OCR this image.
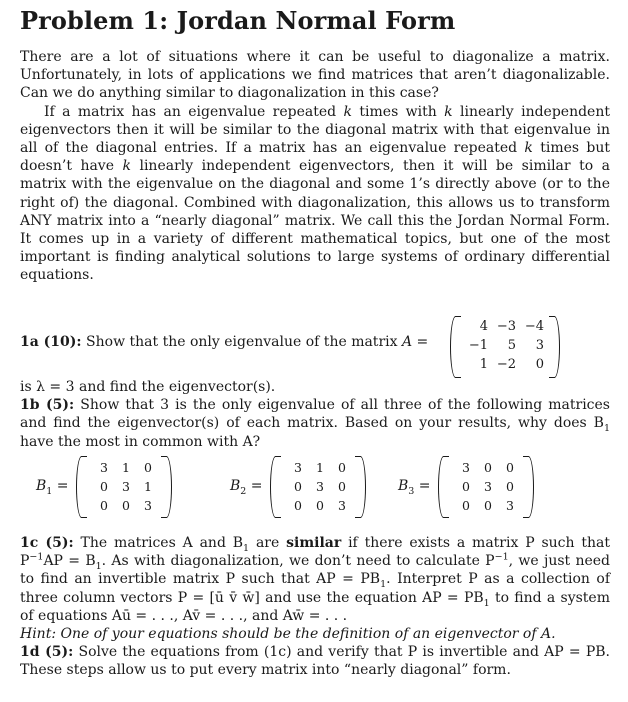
Problem 1: Jordan Normal Form

There are a lot of situations where it can be useful to diagonalize a matrix. Unfortunately, in lots of applications we find matrices that aren’t diagonalizable. Can we do anything similar to diagonalization in this case?

If a matrix has an eigenvalue repeated k times with k linearly independent eigenvectors then it will be similar to the diagonal matrix with that eigenvalue in all of the diagonal entries. If a matrix has an eigenvalue repeated k times but doesn’t have k linearly independent eigenvectors, then it will be similar to a matrix with the eigenvalue on the diagonal and some 1’s directly above (or to the right of) the diagonal. Combined with diagonalization, this allows us to transform ANY matrix into a “nearly diagonal” matrix. We call this the Jordan Normal Form. It comes up in a variety of different mathematical topics, but one of the most important is finding analytical solutions to large systems of ordinary differential equations.

1a (10): Show that the only eigenvalue of the matrix A =
4 −3 −4
−1	5	3
1 −2	0

is λ = 3 and find the eigenvector(s).

1b (5): Show that 3 is the only eigenvalue of all three of the following matrices and find the eigenvector(s) of each matrix. Based on your results, why does $B_1$ have the most in common with A?

$B_1$ =
3	1	0
0	3	1
0	0	3
$B_2$ =
3	1	0
0	3	0
0	0	3
$B_3$ =
3	0	0
0	3	0
0	0	3

1c (5): The matrices A and $B_1$ are similar if there exists a matrix P such that $P^{-1}AP = B_1$. As with diagonalization, we don’t need to calculate $P^{-1}$, we just need to find an invertible matrix P such that AP = $PB_1$. Interpret P as a collection of three column vectors P = [ū v̄ w̄] and use the equation AP = $PB_1$ to find a system of equations Aū = . . ., Av̄ = . . ., and Aw̄ = . . .

Hint: One of your equations should be the definition of an eigenvector of A.

1d (5): Solve the equations from (1c) and verify that P is invertible and AP = PB. These steps allow us to put every matrix into “nearly diagonal” form.
